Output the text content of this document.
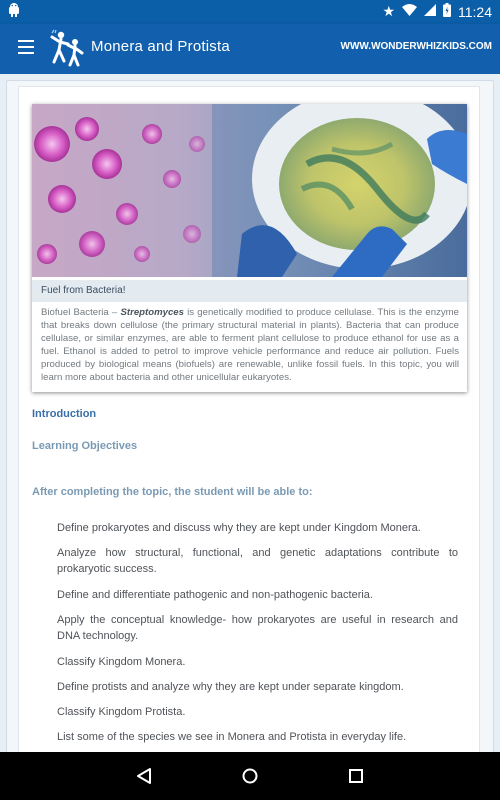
★	11:24
Monera and Protista	WWW.WONDERWHIZKIDS.COM
Fuel from Bacteria!
Biofuel Bacteria – Streptomyces is genetically modified to produce cellulase. This is the enzyme that breaks down cellulose (the primary structural material in plants). Bacteria that can produce cellulase, or similar enzymes, are able to ferment plant cellulose to produce ethanol for use as a fuel. Ethanol is added to petrol to improve vehicle performance and reduce air pollution. Fuels produced by biological means (biofuels) are renewable, unlike fossil fuels. In this topic, you will learn more about bacteria and other unicellular eukaryotes.
Introduction
Learning Objectives
After completing the topic, the student will be able to:
Define prokaryotes and discuss why they are kept under Kingdom Monera.
Analyze how structural, functional, and genetic adaptations contribute to prokaryotic success.
Define and differentiate pathogenic and non-pathogenic bacteria.
Apply the conceptual knowledge- how prokaryotes are useful in research and DNA technology.
Classify Kingdom Monera.
Define protists and analyze why they are kept under separate kingdom.
Classify Kingdom Protista.
List some of the species we see in Monera and Protista in everyday life.
